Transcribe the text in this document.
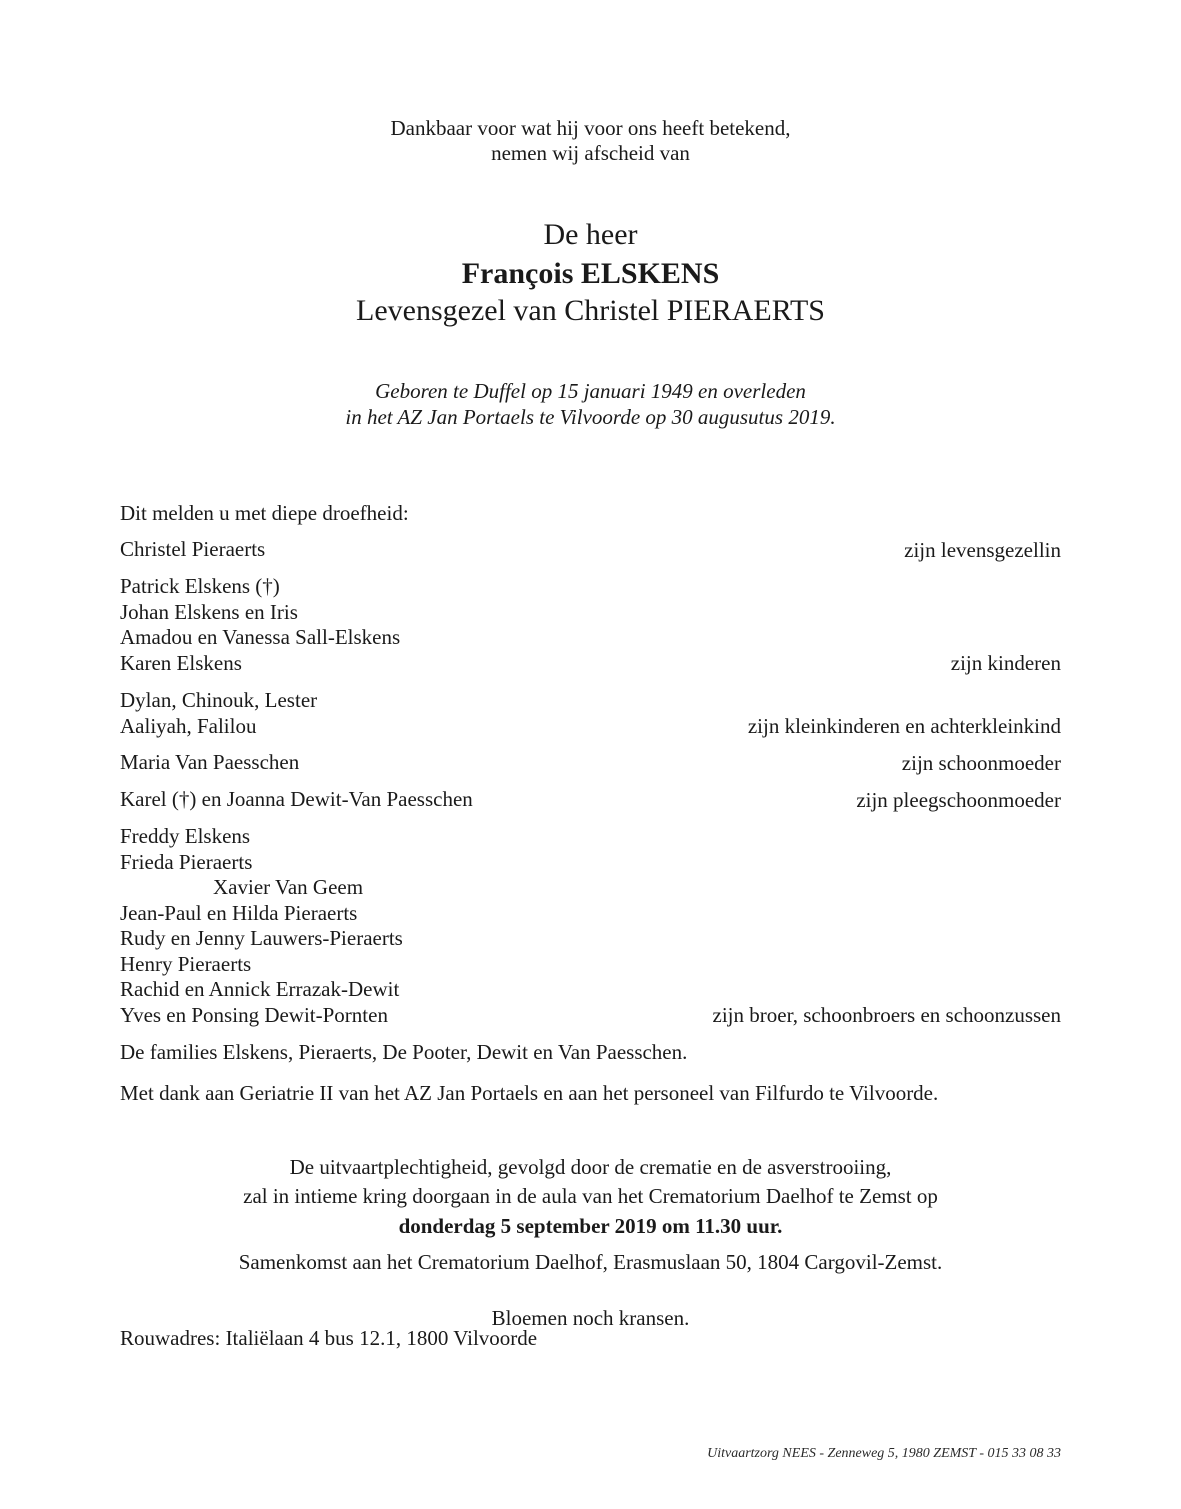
Dankbaar voor wat hij voor ons heeft betekend,
nemen wij afscheid van
De heer
François ELSKENS
Levensgezel van Christel PIERAERTS
Geboren te Duffel op 15 januari 1949 en overleden
in het AZ Jan Portaels te Vilvoorde op 30 augusutus 2019.
Dit melden u met diepe droefheid:
Christel Pieraerts	zijn levensgezellin
Patrick Elskens (†)
Johan Elskens en Iris
Amadou en Vanessa Sall-Elskens
Karen Elskens	zijn kinderen
Dylan, Chinouk, Lester
Aaliyah, Falilou	zijn kleinkinderen en achterkleinkind
Maria Van Paesschen	zijn schoonmoeder
Karel (†) en Joanna Dewit-Van Paesschen	zijn pleegschoonmoeder
Freddy Elskens
Frieda Pieraerts
Xavier Van Geem
Jean-Paul en Hilda Pieraerts
Rudy en Jenny Lauwers-Pieraerts
Henry Pieraerts
Rachid en Annick Errazak-Dewit
Yves en Ponsing Dewit-Pornten	zijn broer, schoonbroers en schoonzussen
De families Elskens, Pieraerts, De Pooter, Dewit en Van Paesschen.
Met dank aan Geriatrie II van het AZ Jan Portaels en aan het personeel van Filfurdo te Vilvoorde.
De uitvaartplechtigheid, gevolgd door de crematie en de asverstrooiing,
zal in intieme kring doorgaan in de aula van het Crematorium Daelhof te Zemst op
donderdag 5 september 2019 om 11.30 uur.
Samenkomst aan het Crematorium Daelhof, Erasmuslaan 50, 1804 Cargovil-Zemst.
Bloemen noch kransen.
Rouwadres: Italiëlaan 4 bus 12.1, 1800 Vilvoorde
Uitvaartzorg NEES - Zenneweg 5, 1980 ZEMST - 015 33 08 33
